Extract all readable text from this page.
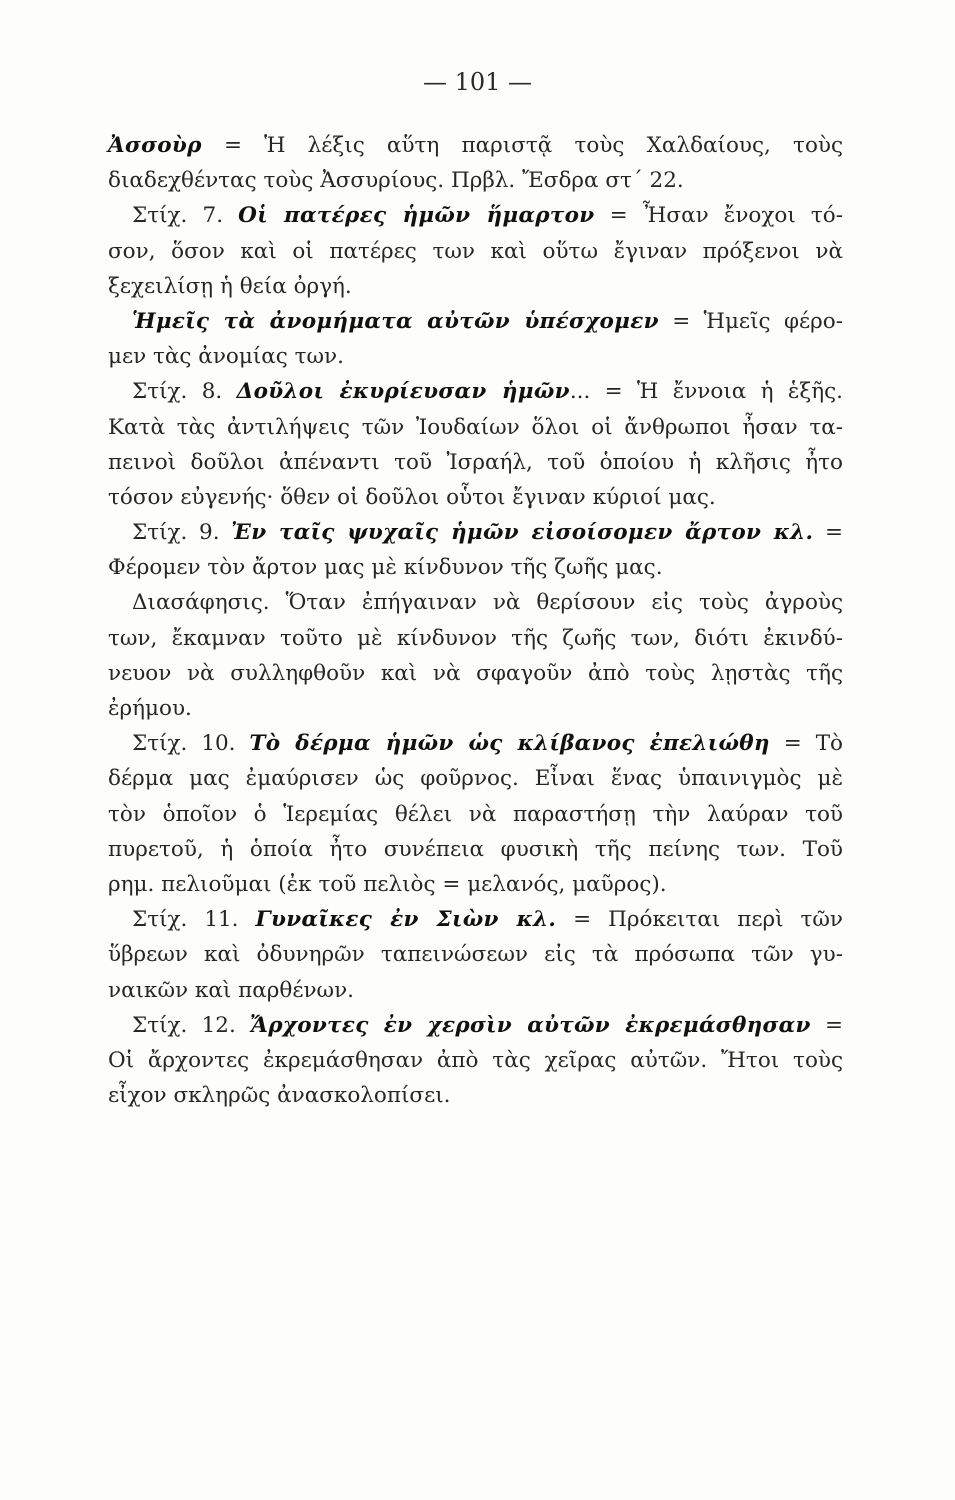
— 101 —
Ἀσσοὺρ = Ἡ λέξις αὕτη παριστᾷ τοὺς Χαλδαίους, τοὺς
διαδεχθέντας τοὺς Ἀσσυρίους. Πρβλ. Ἔσδρα στ΄ 22.
Στίχ. 7. Οἱ πατέρες ἡμῶν ἥμαρτον = Ἦσαν ἔνοχοι τό-
σον, ὅσον καὶ οἱ πατέρες των καὶ οὕτω ἔγιναν πρόξενοι νὰ
ξεχειλίσῃ ἡ θεία ὀργή.
Ἡμεῖς τὰ ἀνομήματα αὐτῶν ὑπέσχομεν = Ἡμεῖς φέρο-
μεν τὰς ἀνομίας των.
Στίχ. 8. Δοῦλοι ἐκυρίευσαν ἡμῶν... = Ἡ ἔννοια ἡ ἑξῆς.
Κατὰ τὰς ἀντιλήψεις τῶν Ἰουδαίων ὅλοι οἱ ἄνθρωποι ἦσαν τα-
πεινοὶ δοῦλοι ἀπέναντι τοῦ Ἰσραήλ, τοῦ ὁποίου ἡ κλῆσις ἦτο
τόσον εὐγενής· ὅθεν οἱ δοῦλοι οὗτοι ἔγιναν κύριοί μας.
Στίχ. 9. Ἐν ταῖς ψυχαῖς ἡμῶν εἰσοίσομεν ἄρτον κλ. =
Φέρομεν τὸν ἄρτον μας μὲ κίνδυνον τῆς ζωῆς μας.
Διασάφησις. Ὅταν ἐπήγαιναν νὰ θερίσουν εἰς τοὺς ἀγροὺς
των, ἔκαμναν τοῦτο μὲ κίνδυνον τῆς ζωῆς των, διότι ἐκινδύ-
νευον νὰ συλληφθοῦν καὶ νὰ σφαγοῦν ἀπὸ τοὺς λῃστὰς τῆς
ἐρήμου.
Στίχ. 10. Τὸ δέρμα ἡμῶν ὡς κλίβανος ἐπελιώθη = Τὸ
δέρμα μας ἐμαύρισεν ὡς φοῦρνος. Εἶναι ἕνας ὑπαινιγμὸς μὲ
τὸν ὁποῖον ὁ Ἱερεμίας θέλει νὰ παραστήσῃ τὴν λαύραν τοῦ
πυρετοῦ, ἡ ὁποία ἦτο συνέπεια φυσικὴ τῆς πείνης των. Τοῦ
ρημ. πελιοῦμαι (ἐκ τοῦ πελιὸς = μελανός, μαῦρος).
Στίχ. 11. Γυναῖκες ἐν Σιὼν κλ. = Πρόκειται περὶ τῶν
ὕβρεων καὶ ὀδυνηρῶν ταπεινώσεων εἰς τὰ πρόσωπα τῶν γυ-
ναικῶν καὶ παρθένων.
Στίχ. 12. Ἄρχοντες ἐν χερσὶν αὐτῶν ἐκρεμάσθησαν =
Οἱ ἄρχοντες ἐκρεμάσθησαν ἀπὸ τὰς χεῖρας αὐτῶν. Ἤτοι τοὺς
εἶχον σκληρῶς ἀνασκολοπίσει.
